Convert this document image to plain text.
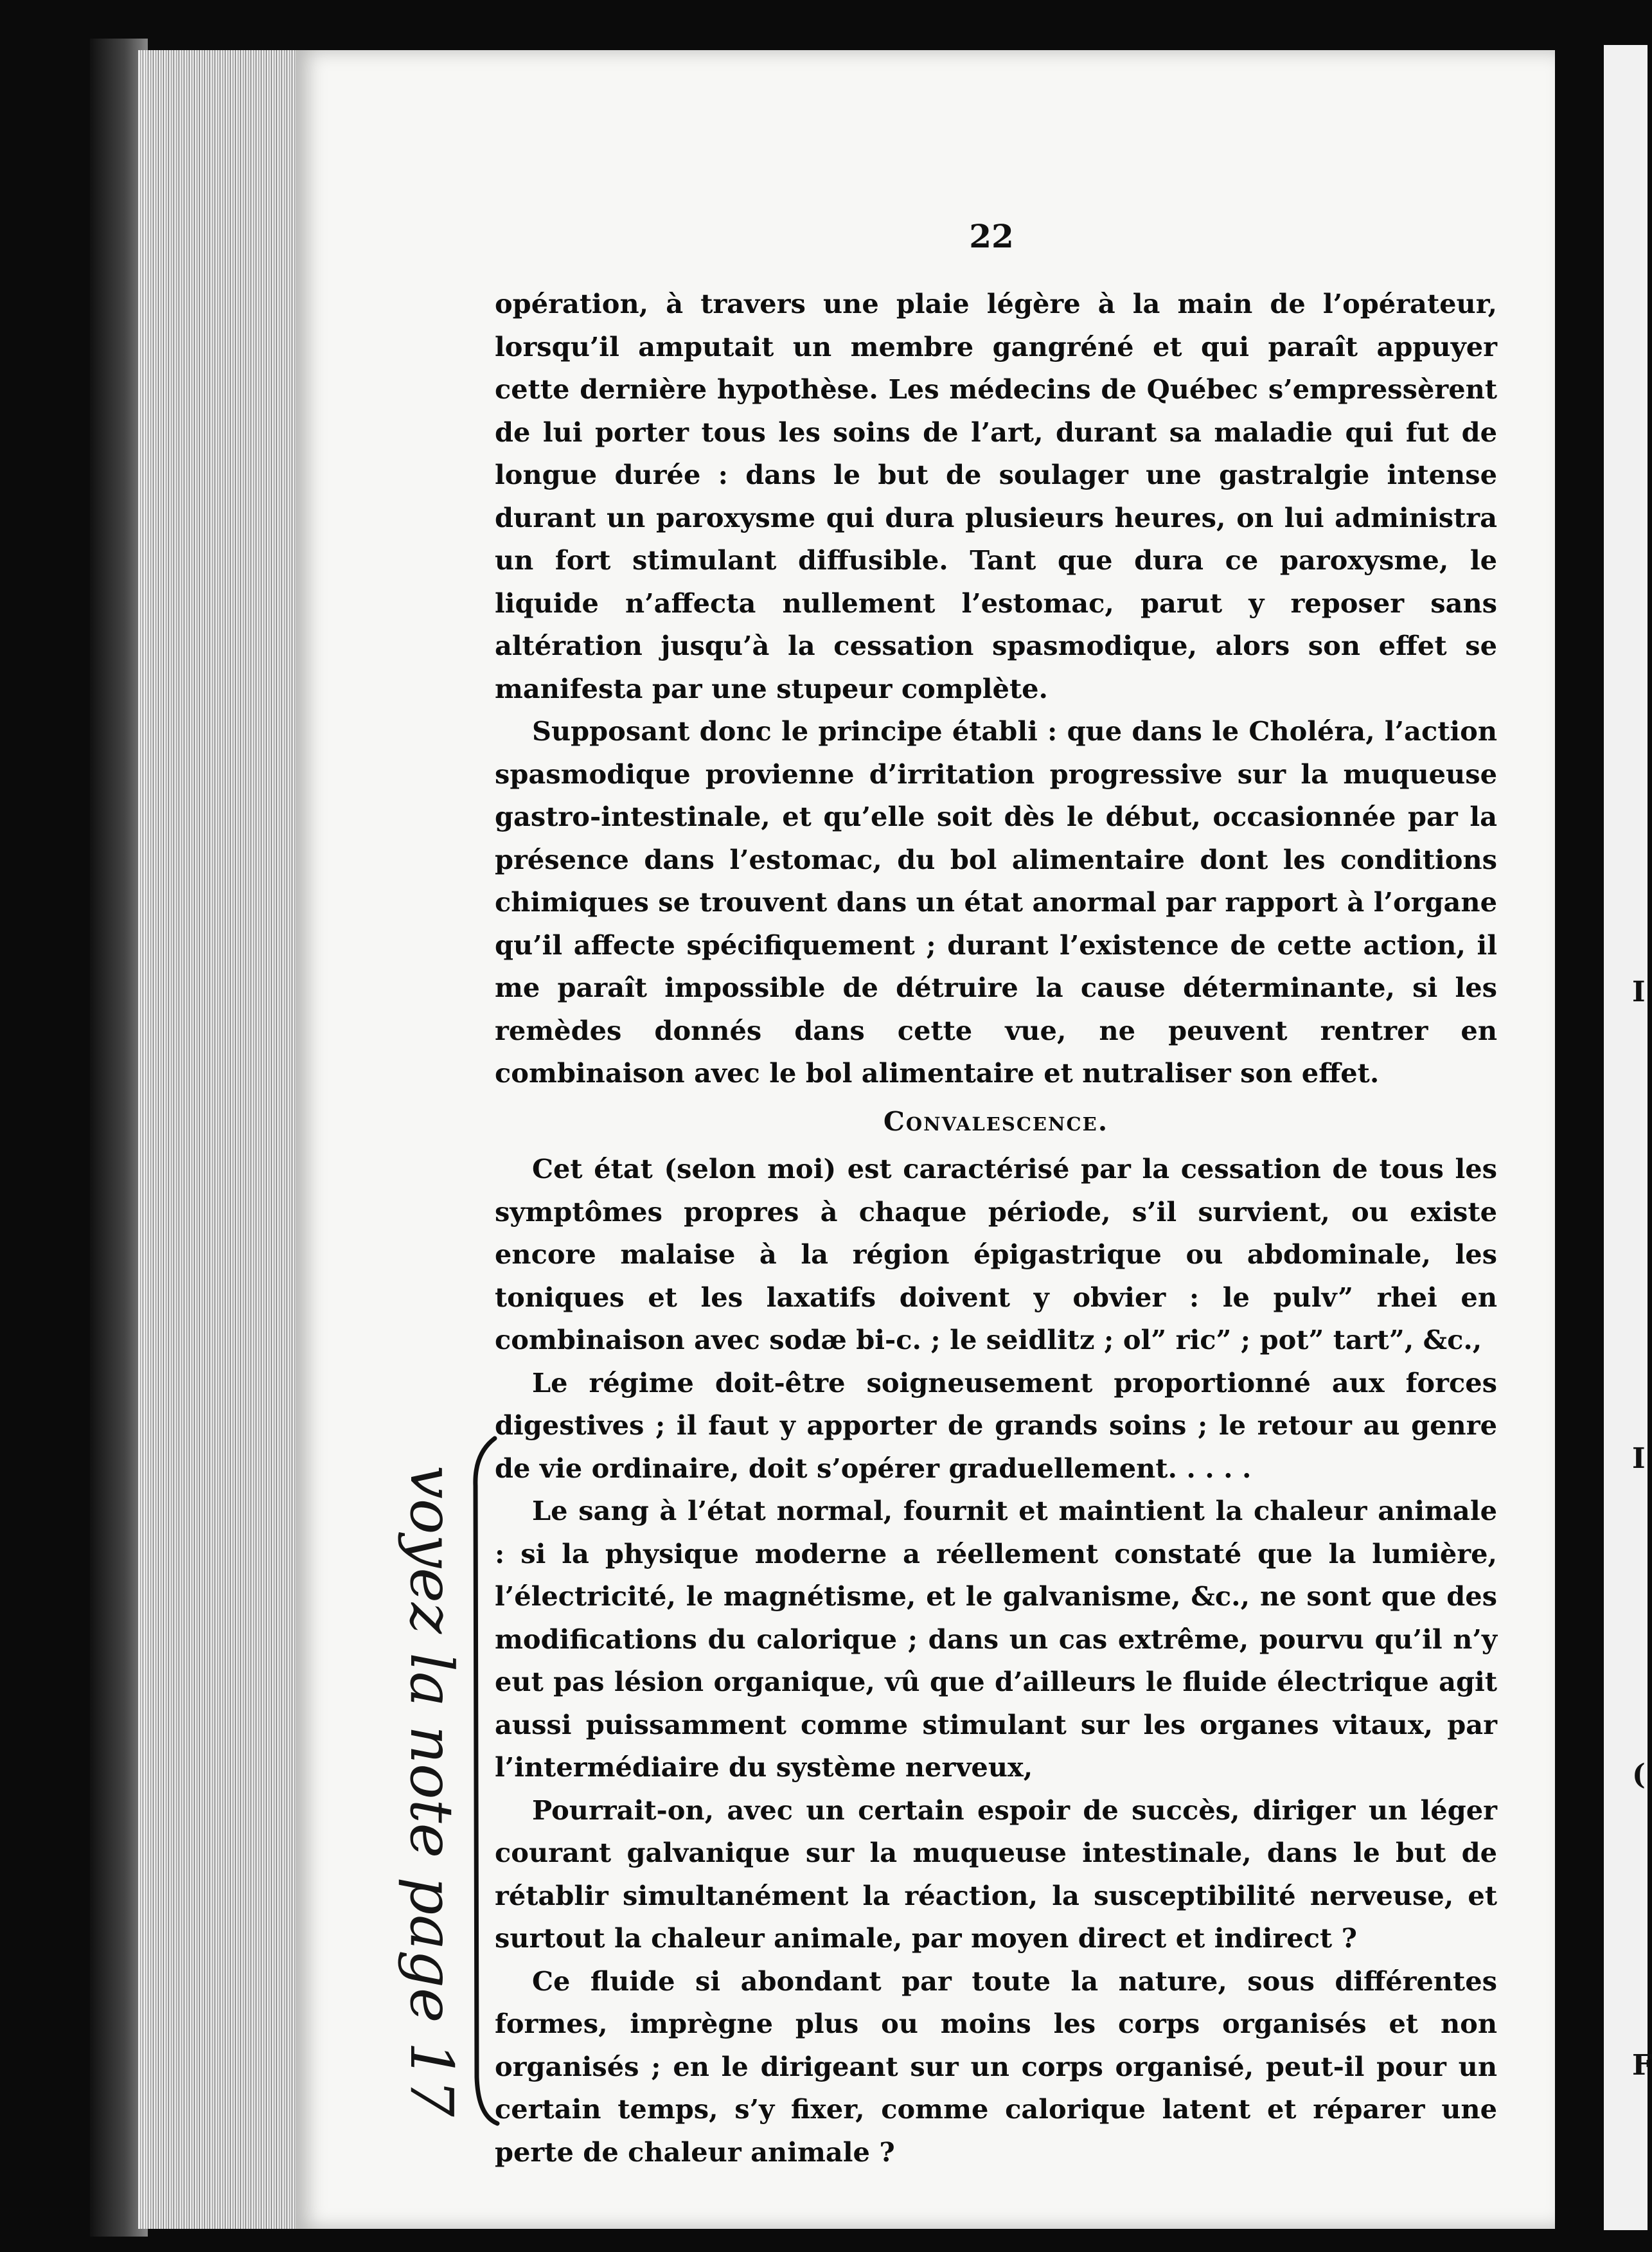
I
I
(
F
22

opération, à travers une plaie légère à la main de l’opérateur, lorsqu’il amputait un membre gangréné et qui paraît appuyer cette dernière hypothèse. Les médecins de Québec s’empressèrent de lui porter tous les soins de l’art, durant sa maladie qui fut de longue durée : dans le but de soulager une gastralgie intense durant un paroxysme qui dura plusieurs heures, on lui administra un fort stimulant diffusible. Tant que dura ce paroxysme, le liquide n’affecta nullement l’estomac, parut y reposer sans altération jusqu’à la cessation spasmodique, alors son effet se manifesta par une stupeur complète.

Supposant donc le principe établi : que dans le Choléra, l’action spasmodique provienne d’irritation progressive sur la muqueuse gastro-intestinale, et qu’elle soit dès le début, occasionnée par la présence dans l’estomac, du bol alimentaire dont les conditions chimiques se trouvent dans un état anormal par rapport à l’organe qu’il affecte spécifiquement ; durant l’existence de cette action, il me paraît impossible de détruire la cause déterminante, si les remèdes donnés dans cette vue, ne peuvent rentrer en combinaison avec le bol alimentaire et nutraliser son effet.

Convalescence.

Cet état (selon moi) est caractérisé par la cessation de tous les symptômes propres à chaque période, s’il survient, ou existe encore malaise à la région épigastrique ou abdominale, les toniques et les laxatifs doivent y obvier : le pulv” rhei en combinaison avec sodæ bi-c. ; le seidlitz ; ol” ric” ; pot” tart”, &c.,

Le régime doit-être soigneusement proportionné aux forces digestives ; il faut y apporter de grands soins ; le retour au genre de vie ordinaire, doit s’opérer graduellement. . . . .

Le sang à l’état normal, fournit et maintient la chaleur animale : si la physique moderne a réellement constaté que la lumière, l’électricité, le magnétisme, et le galvanisme, &c., ne sont que des modifications du calorique ; dans un cas extrême, pourvu qu’il n’y eut pas lésion organique, vû que d’ailleurs le fluide électrique agit aussi puissamment comme stimulant sur les organes vitaux, par l’intermédiaire du système nerveux,

Pourrait-on, avec un certain espoir de succès, diriger un léger courant galvanique sur la muqueuse intestinale, dans le but de rétablir simultanément la réaction, la susceptibilité nerveuse, et surtout la chaleur animale, par moyen direct et indirect ?

Ce fluide si abondant par toute la nature, sous différentes formes, imprègne plus ou moins les corps organisés et non organisés ; en le dirigeant sur un corps organisé, peut-il pour un certain temps, s’y fixer, comme calorique latent et réparer une perte de chaleur animale ?

voyez la note page 17
